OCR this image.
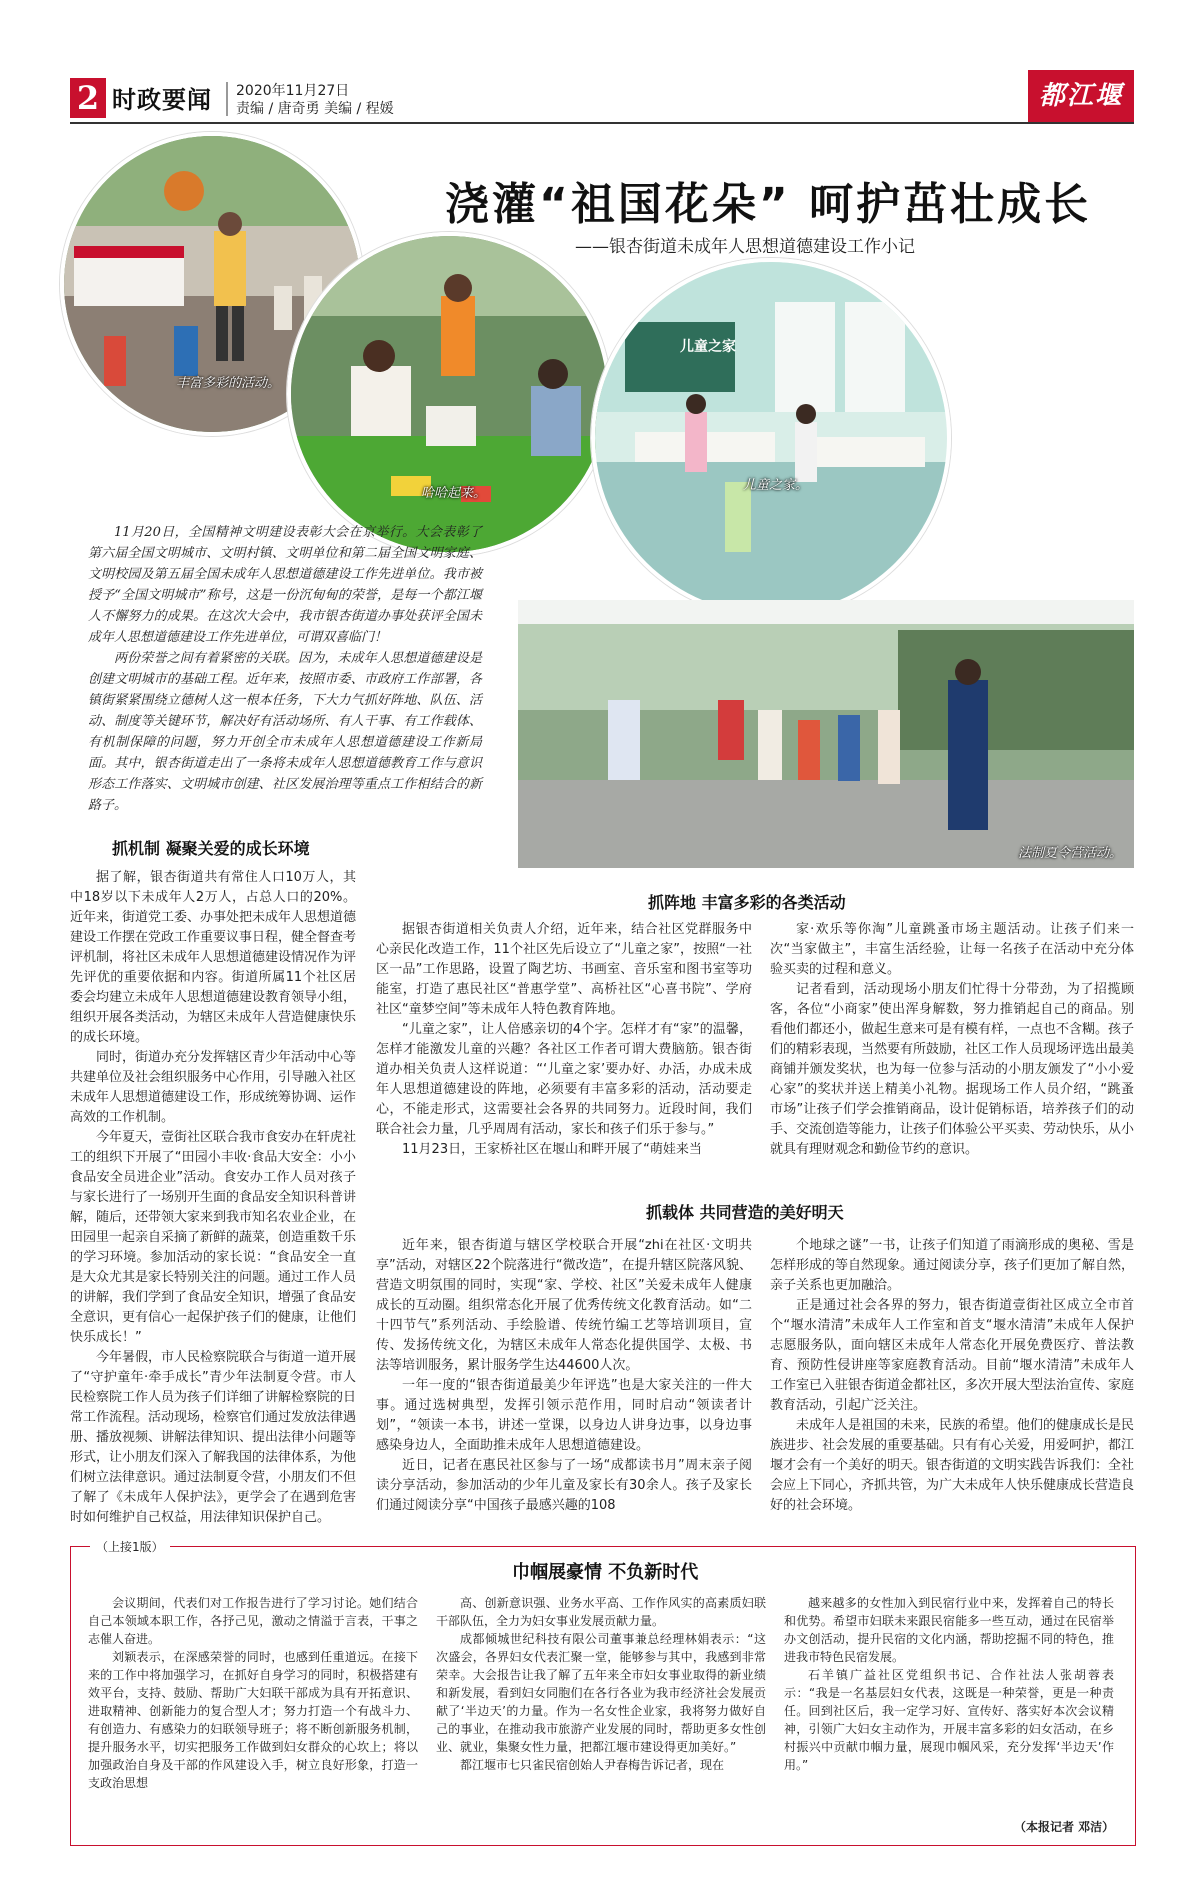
2 时政要闻 2020年11月27日
责编 / 唐奇勇 美编 / 程媛	都江堰报
浇灌“祖国花朵” 呵护茁壮成长
——银杏街道未成年人思想道德建设工作小记
丰富多彩的活动。
哈哈起来。
儿童之家
儿童之家。

11月20日，全国精神文明建设表彰大会在京举行。大会表彰了第六届全国文明城市、文明村镇、文明单位和第二届全国文明家庭、文明校园及第五届全国未成年人思想道德建设工作先进单位。我市被授予“全国文明城市”称号，这是一份沉甸甸的荣誉，是每一个都江堰人不懈努力的成果。在这次大会中，我市银杏街道办事处获评全国未成年人思想道德建设工作先进单位，可谓双喜临门！

两份荣誉之间有着紧密的关联。因为，未成年人思想道德建设是创建文明城市的基础工程。近年来，按照市委、市政府工作部署，各镇街紧紧围绕立德树人这一根本任务，下大力气抓好阵地、队伍、活动、制度等关键环节，解决好有活动场所、有人干事、有工作载体、有机制保障的问题，努力开创全市未成年人思想道德建设工作新局面。其中，银杏街道走出了一条将未成年人思想道德教育工作与意识形态工作落实、文明城市创建、社区发展治理等重点工作相结合的新路子。

法制夏令营活动。
抓机制 凝聚关爱的成长环境

据了解，银杏街道共有常住人口10万人，其中18岁以下未成年人2万人，占总人口的20%。近年来，街道党工委、办事处把未成年人思想道德建设工作摆在党政工作重要议事日程，健全督查考评机制，将社区未成年人思想道德建设情况作为评先评优的重要依据和内容。街道所属11个社区居委会均建立未成年人思想道德建设教育领导小组，组织开展各类活动，为辖区未成年人营造健康快乐的成长环境。

同时，街道办充分发挥辖区青少年活动中心等共建单位及社会组织服务中心作用，引导融入社区未成年人思想道德建设工作，形成统筹协调、运作高效的工作机制。

今年夏天，壹街社区联合我市食安办在轩虎社工的组织下开展了“田园小丰收·食品大安全：小小食品安全员进企业”活动。食安办工作人员对孩子与家长进行了一场别开生面的食品安全知识科普讲解，随后，还带领大家来到我市知名农业企业，在田园里一起亲自采摘了新鲜的蔬菜，创造重数千乐的学习环境。参加活动的家长说：“食品安全一直是大众尤其是家长特别关注的问题。通过工作人员的讲解，我们学到了食品安全知识，增强了食品安全意识，更有信心一起保护孩子们的健康，让他们快乐成长！”

今年暑假，市人民检察院联合与街道一道开展了“守护童年·牵手成长”青少年法制夏令营。市人民检察院工作人员为孩子们详细了讲解检察院的日常工作流程。活动现场，检察官们通过发放法律遇册、播放视频、讲解法律知识、提出法律小问题等形式，让小朋友们深入了解我国的法律体系，为他们树立法律意识。通过法制夏令营，小朋友们不但了解了《未成年人保护法》，更学会了在遇到危害时如何维护自己权益，用法律知识保护自己。

抓阵地 丰富多彩的各类活动

据银杏街道相关负责人介绍，近年来，结合社区党群服务中心亲民化改造工作，11个社区先后设立了“儿童之家”，按照“一社区一品”工作思路，设置了陶艺坊、书画室、音乐室和图书室等功能室，打造了惠民社区“普惠学堂”、高桥社区“心喜书院”、学府社区“童梦空间”等未成年人特色教育阵地。

“儿童之家”，让人倍感亲切的4个字。怎样才有“家”的温馨，怎样才能激发儿童的兴趣？各社区工作者可谓大费脑筋。银杏街道办相关负责人这样说道：“‘儿童之家’要办好、办活，办成未成年人思想道德建设的阵地，必须要有丰富多彩的活动，活动要走心，不能走形式，这需要社会各界的共同努力。近段时间，我们联合社会力量，几乎周周有活动，家长和孩子们乐于参与。”

11月23日，王家桥社区在堰山和畔开展了“萌娃来当

家·欢乐等你淘”儿童跳蚤市场主题活动。让孩子们来一次“当家做主”，丰富生活经验，让每一名孩子在活动中充分体验买卖的过程和意义。

记者看到，活动现场小朋友们忙得十分带劲，为了招揽顾客，各位“小商家”使出浑身解数，努力推销起自己的商品。别看他们都还小，做起生意来可是有模有样，一点也不含糊。孩子们的精彩表现，当然要有所鼓励，社区工作人员现场评选出最美商铺并颁发奖状，也为每一位参与活动的小朋友颁发了“小小爱心家”的奖状并送上精美小礼物。据现场工作人员介绍，“跳蚤市场”让孩子们学会推销商品，设计促销标语，培养孩子们的动手、交流创造等能力，让孩子们体验公平买卖、劳动快乐，从小就具有理财观念和勤俭节约的意识。

抓载体 共同营造的美好明天

近年来，银杏街道与辖区学校联合开展“zhi在社区·文明共享”活动，对辖区22个院落进行“微改造”，在提升辖区院落风貌、营造文明氛围的同时，实现“家、学校、社区”关爱未成年人健康成长的互动圈。组织常态化开展了优秀传统文化教育活动。如“二十四节气”系列活动、手绘脸谱、传统竹编工艺等培训项目，宣传、发扬传统文化，为辖区未成年人常态化提供国学、太极、书法等培训服务，累计服务学生达44600人次。

一年一度的“银杏街道最美少年评选”也是大家关注的一件大事。通过选树典型，发挥引领示范作用，同时启动“领读者计划”，“领读一本书，讲述一堂课，以身边人讲身边事，以身边事感染身边人，全面助推未成年人思想道德建设。

近日，记者在惠民社区参与了一场“成都读书月”周末亲子阅读分享活动，参加活动的少年儿童及家长有30余人。孩子及家长们通过阅读分享“中国孩子最感兴趣的108

个地球之谜”一书，让孩子们知道了雨滴形成的奥秘、雪是怎样形成的等自然现象。通过阅读分享，孩子们更加了解自然，亲子关系也更加融洽。

正是通过社会各界的努力，银杏街道壹街社区成立全市首个“堰水清清”未成年人工作室和首支“堰水清清”未成年人保护志愿服务队，面向辖区未成年人常态化开展免费医疗、普法教育、预防性侵讲座等家庭教育活动。目前“堰水清清”未成年人工作室已入驻银杏街道金都社区，多次开展大型法治宣传、家庭教育活动，引起广泛关注。

未成年人是祖国的未来，民族的希望。他们的健康成长是民族进步、社会发展的重要基础。只有有心关爱，用爱呵护，都江堰才会有一个美好的明天。银杏街道的文明实践告诉我们：全社会应上下同心，齐抓共管，为广大未成年人快乐健康成长营造良好的社会环境。

（上接1版）
巾帼展豪情 不负新时代

会议期间，代表们对工作报告进行了学习讨论。她们结合自己本领域本职工作，各抒己见，激动之情溢于言表，干事之志催人奋进。

刘颖表示，在深感荣誉的同时，也感到任重道远。在接下来的工作中将加强学习，在抓好自身学习的同时，积极搭建有效平台，支持、鼓励、帮助广大妇联干部成为具有开拓意识、进取精神、创新能力的复合型人才；努力打造一个有战斗力、有创造力、有感染力的妇联领导班子；将不断创新服务机制，提升服务水平，切实把服务工作做到妇女群众的心坎上；将以加强政治自身及干部的作风建设入手，树立良好形象，打造一支政治思想

高、创新意识强、业务水平高、工作作风实的高素质妇联干部队伍，全力为妇女事业发展贡献力量。

成都倾城世纪科技有限公司董事兼总经理林娟表示：“这次盛会，各界妇女代表汇聚一堂，能够参与其中，我感到非常荣幸。大会报告让我了解了五年来全市妇女事业取得的新业绩和新发展，看到妇女同胞们在各行各业为我市经济社会发展贡献了‘半边天’的力量。作为一名女性企业家，我将努力做好自己的事业，在推动我市旅游产业发展的同时，帮助更多女性创业、就业，集聚女性力量，把都江堰市建设得更加美好。”

都江堰市七只雀民宿创始人尹春梅告诉记者，现在

越来越多的女性加入到民宿行业中来，发挥着自己的特长和优势。希望市妇联未来跟民宿能多一些互动，通过在民宿举办文创活动，提升民宿的文化内涵，帮助挖掘不同的特色，推进我市特色民宿发展。

石羊镇广益社区党组织书记、合作社法人张胡蓉表示：“我是一名基层妇女代表，这既是一种荣誉，更是一种责任。回到社区后，我一定学习好、宣传好、落实好本次会议精神，引领广大妇女主动作为，开展丰富多彩的妇女活动，在乡村振兴中贡献巾帼力量，展现巾帼风采，充分发挥‘半边天’作用。”

（本报记者 邓洁）
